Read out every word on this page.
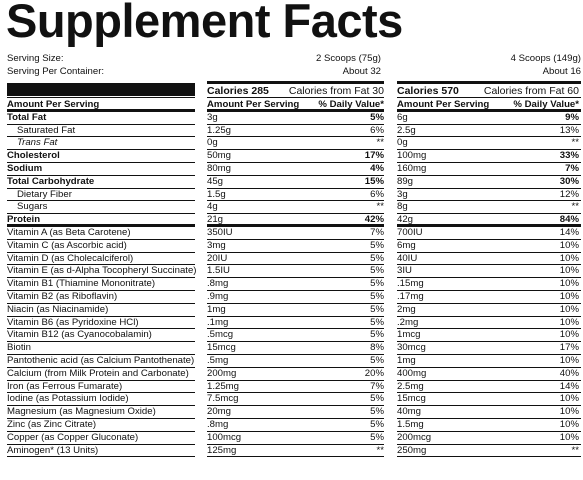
Supplement Facts
Serving Size:	2 Scoops (75g)	4 Scoops (149g)
Serving Per Container:	About 32	About 16
Calories 285	Calories from Fat 30 Calories 570	Calories from Fat 60
Amount Per Serving	Amount Per Serving	% Daily Value* Amount Per Serving	% Daily Value*
Total Fat	3g	5% 6g	9%
Saturated Fat	1.25g	6% 2.5g	13%
Trans Fat	0g	** 0g	**
Cholesterol	50mg	17% 100mg	33%
Sodium	80mg	4% 160mg	7%
Total Carbohydrate	45g	15% 89g	30%
Dietary Fiber	1.5g	6% 3g	12%
Sugars	4g	** 8g	**
Protein	21g	42% 42g	84%
Vitamin A (as Beta Carotene)	350IU	7% 700IU	14%
Vitamin C (as Ascorbic acid)	3mg	5% 6mg	10%
Vitamin D (as Cholecalciferol)	20IU	5% 40IU	10%
Vitamin E (as d-Alpha Tocopheryl Succinate) 1.5IU	5% 3IU	10%
Vitamin B1 (Thiamine Mononitrate)	.8mg	5% .15mg	10%
Vitamin B2 (as Riboflavin)	.9mg	5% .17mg	10%
Niacin (as Niacinamide)	1mg	5% 2mg	10%
Vitamin B6 (as Pyridoxine HCl)	.1mg	5% .2mg	10%
Vitamin B12 (as Cyanocobalamin)	.5mcg	5% 1mcg	10%
Biotin	15mcg	8% 30mcg	17%
Pantothenic acid (as Calcium Pantothenate) .5mg	5% 1mg	10%
Calcium (from Milk Protein and Carbonate)	200mg	20% 400mg	40%
Iron (as Ferrous Fumarate)	1.25mg	7% 2.5mg	14%
Iodine (as Potassium Iodide)	7.5mcg	5% 15mcg	10%
Magnesium (as Magnesium Oxide)	20mg	5% 40mg	10%
Zinc (as Zinc Citrate)	.8mg	5% 1.5mg	10%
Copper (as Copper Gluconate)	100mcg	5% 200mcg	10%
Aminogen* (13 Units)	125mg	** 250mg	**
